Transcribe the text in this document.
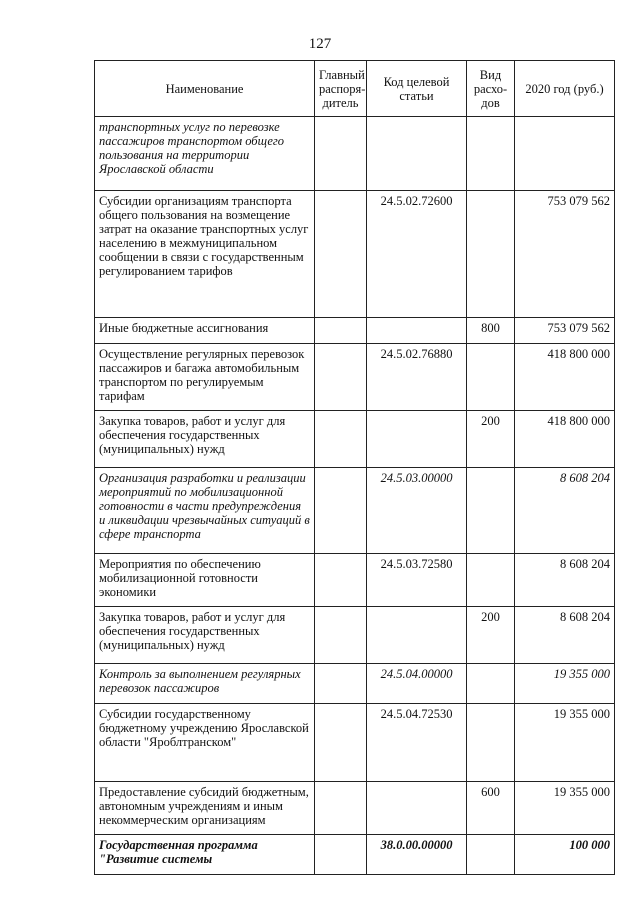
127
Наименование	Главный распоря-дитель	Код целевой статьи	Вид расхо-дов	2020 год (руб.)
транспортных услуг по перевозке пассажиров транспортом общего пользования на территории Ярославской области				
Субсидии организациям транспорта общего пользования на возмещение затрат на оказание транспортных услуг населению в межмуниципальном сообщении в связи с государственным регулированием тарифов		24.5.02.72600		753 079 562
Иные бюджетные ассигнования			800	753 079 562
Осуществление регулярных перевозок пассажиров и багажа автомобильным транспортом по регулируемым тарифам		24.5.02.76880		418 800 000
Закупка товаров, работ и услуг для обеспечения государственных (муниципальных) нужд			200	418 800 000
Организация разработки и реализации мероприятий по мобилизационной готовности в части предупреждения и ликвидации чрезвычайных ситуаций в сфере транспорта		24.5.03.00000		8 608 204
Мероприятия по обеспечению мобилизационной готовности экономики		24.5.03.72580		8 608 204
Закупка товаров, работ и услуг для обеспечения государственных (муниципальных) нужд			200	8 608 204
Контроль за выполнением регулярных перевозок пассажиров		24.5.04.00000		19 355 000
Субсидии государственному бюджетному учреждению Ярославской области "Яроблтранском"		24.5.04.72530		19 355 000
Предоставление субсидий бюджетным, автономным учреждениям и иным некоммерческим организациям			600	19 355 000
Государственная программа "Развитие системы		38.0.00.00000		100 000
